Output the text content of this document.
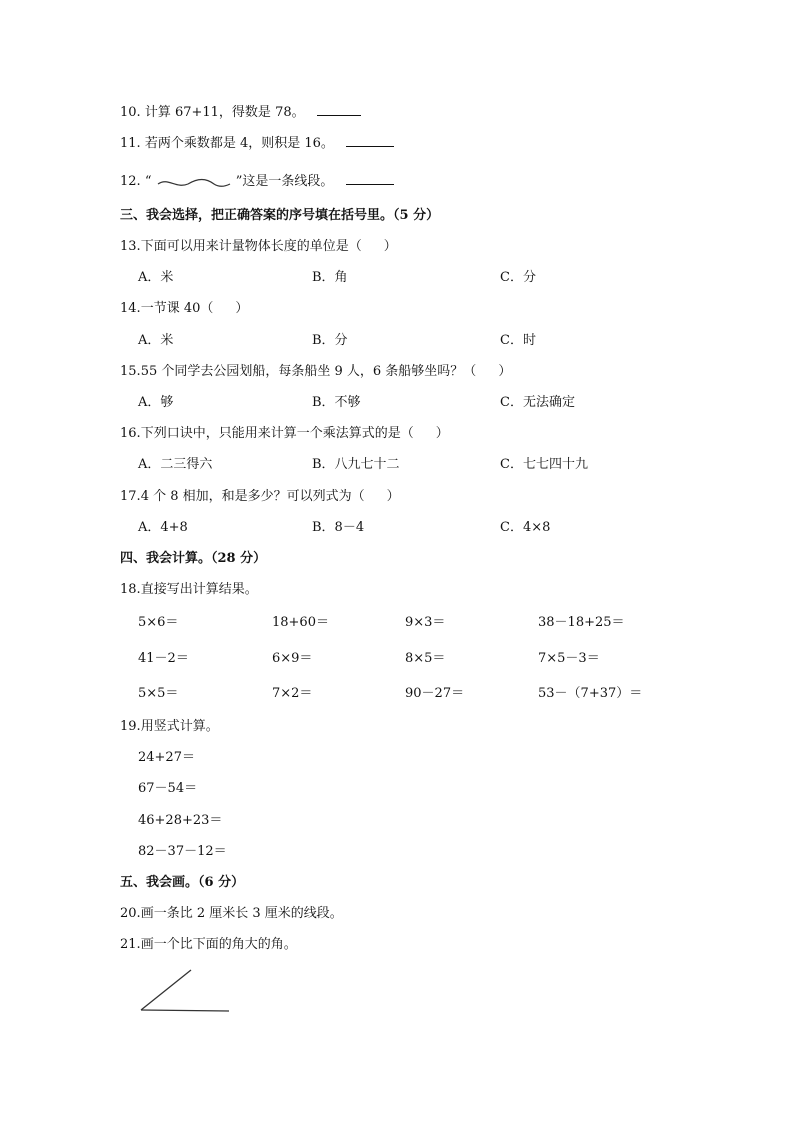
10. 计算 67+11，得数是 78。
11. 若两个乘数都是 4，则积是 16。
12. “	”这是一条线段。
三、我会选择，把正确答案的序号填在括号里。（5 分）
13.下面可以用来计量物体长度的单位是（ ）
A．米	B．角	C．分
14.一节课 40（ ）
A．米	B．分	C．时
15.55 个同学去公园划船，每条船坐 9 人，6 条船够坐吗？（ ）
A．够	B．不够	C．无法确定
16.下列口诀中，只能用来计算一个乘法算式的是（ ）
A．二三得六	B．八九七十二	C．七七四十九
17.4 个 8 相加，和是多少？可以列式为（ ）
A．4+8	B．8－4	C．4×8
四、我会计算。（28 分）
18.直接写出计算结果。
5×6＝	18+60＝	9×3＝	38－18+25＝
41－2＝	6×9＝	8×5＝	7×5－3＝
5×5＝	7×2＝	90－27＝	53－（7+37）＝
19.用竖式计算。
24+27＝
67－54＝
46+28+23＝
82－37－12＝
五、我会画。（6 分）
20.画一条比 2 厘米长 3 厘米的线段。
21.画一个比下面的角大的角。
